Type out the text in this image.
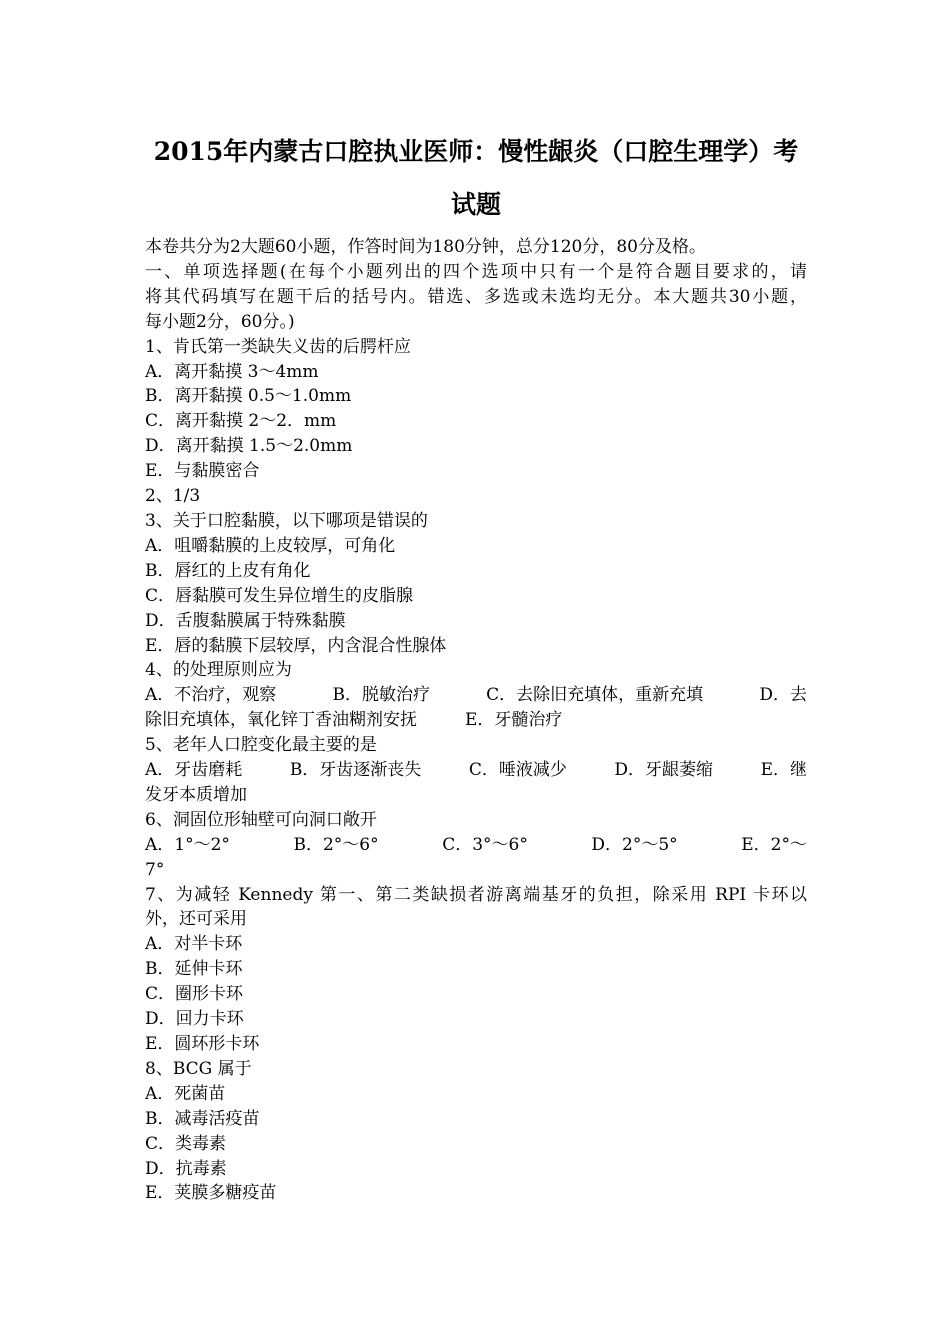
2015年内蒙古口腔执业医师：慢性龈炎（口腔生理学）考
试题
本卷共分为2大题60小题，作答时间为180分钟，总分120分，80分及格。
一、单项选择题(在每个小题列出的四个选项中只有一个是符合题目要求的，请
将其代码填写在题干后的括号内。错选、多选或未选均无分。本大题共30小题，
每小题2分，60分。)
1、肯氏第一类缺失义齿的后腭杆应
A．离开黏摸 3～4mm
B．离开黏摸 0.5～1.0mm
C．离开黏摸 2～2．mm
D．离开黏摸 1.5～2.0mm
E．与黏膜密合
2、1/3
3、关于口腔黏膜，以下哪项是错误的
A．咀嚼黏膜的上皮较厚，可角化
B．唇红的上皮有角化
C．唇黏膜可发生异位增生的皮脂腺
D．舌腹黏膜属于特殊黏膜
E．唇的黏膜下层较厚，内含混合性腺体
4、的处理原则应为
A．不治疗，观察	B．脱敏治疗	C．去除旧充填体，重新充填	D．去
除旧充填体，氧化锌丁香油糊剂安抚	E．牙髓治疗
5、老年人口腔变化最主要的是
A．牙齿磨耗	B．牙齿逐渐丧失	C．唾液减少	D．牙龈萎缩	E．继
发牙本质增加
6、洞固位形轴壁可向洞口敞开
A．1°～2°	B．2°～6°	C．3°～6°	D．2°～5°	E．2°～
7°
7、为减轻 Kennedy 第一、第二类缺损者游离端基牙的负担，除采用 RPI 卡环以
外，还可采用
A．对半卡环
B．延伸卡环
C．圈形卡环
D．回力卡环
E．圆环形卡环
8、BCG 属于
A．死菌苗
B．减毒活疫苗
C．类毒素
D．抗毒素
E．荚膜多糖疫苗
